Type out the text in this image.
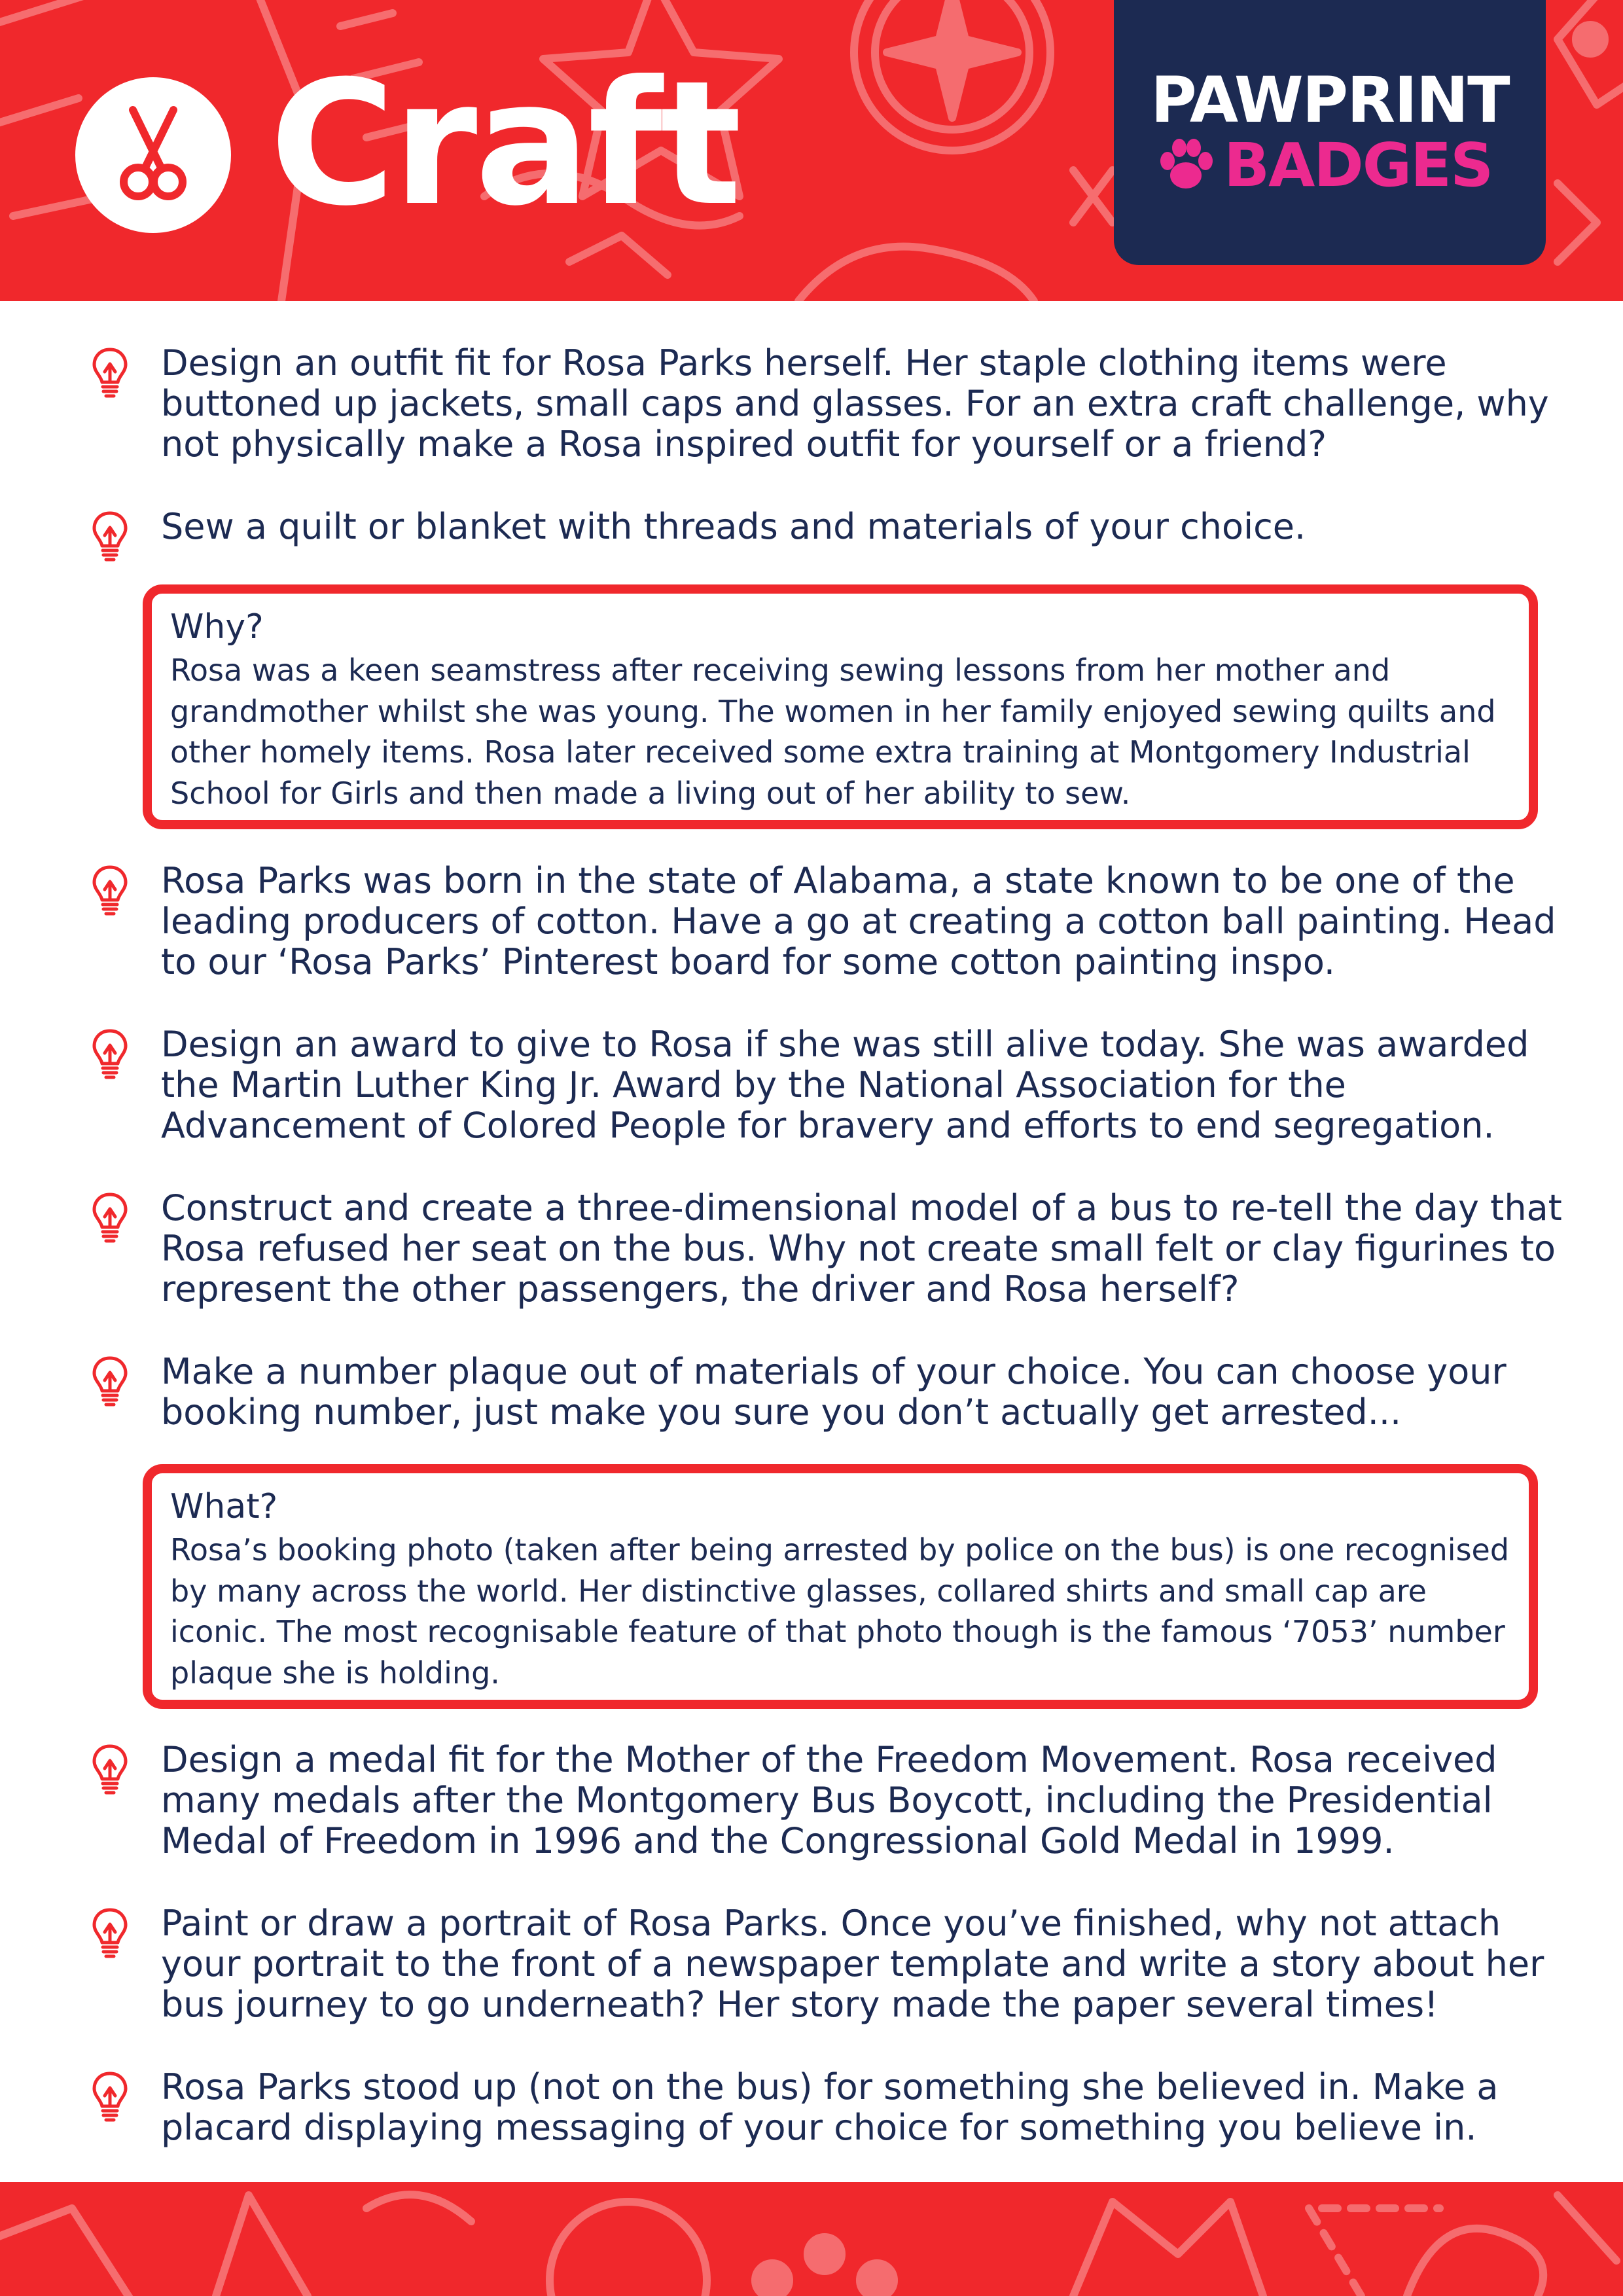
Craft	PAWPRINT
BADGES

Design an outfit fit for Rosa Parks herself. Her staple clothing items were buttoned up jackets, small caps and glasses. For an extra craft challenge, why not physically make a Rosa inspired outfit for yourself or a friend?

Sew a quilt or blanket with threads and materials of your choice.

Why?
Rosa was a keen seamstress after receiving sewing lessons from her mother and grandmother whilst she was young. The women in her family enjoyed sewing quilts and other homely items. Rosa later received some extra training at Montgomery Industrial School for Girls and then made a living out of her ability to sew.

Rosa Parks was born in the state of Alabama, a state known to be one of the leading producers of cotton. Have a go at creating a cotton ball painting. Head to our ‘Rosa Parks’ Pinterest board for some cotton painting inspo.

Design an award to give to Rosa if she was still alive today. She was awarded the Martin Luther King Jr. Award by the National Association for the Advancement of Colored People for bravery and efforts to end segregation.

Construct and create a three-dimensional model of a bus to re-tell the day that Rosa refused her seat on the bus. Why not create small felt or clay figurines to represent the other passengers, the driver and Rosa herself?

Make a number plaque out of materials of your choice. You can choose your booking number, just make you sure you don’t actually get arrested...

What?
Rosa’s booking photo (taken after being arrested by police on the bus) is one recognised by many across the world. Her distinctive glasses, collared shirts and small cap are iconic. The most recognisable feature of that photo though is the famous ‘7053’ number plaque she is holding.

Design a medal fit for the Mother of the Freedom Movement. Rosa received many medals after the Montgomery Bus Boycott, including the Presidential Medal of Freedom in 1996 and the Congressional Gold Medal in 1999.

Paint or draw a portrait of Rosa Parks. Once you’ve finished, why not attach your portrait to the front of a newspaper template and write a story about her bus journey to go underneath? Her story made the paper several times!

Rosa Parks stood up (not on the bus) for something she believed in. Make a placard displaying messaging of your choice for something you believe in.
